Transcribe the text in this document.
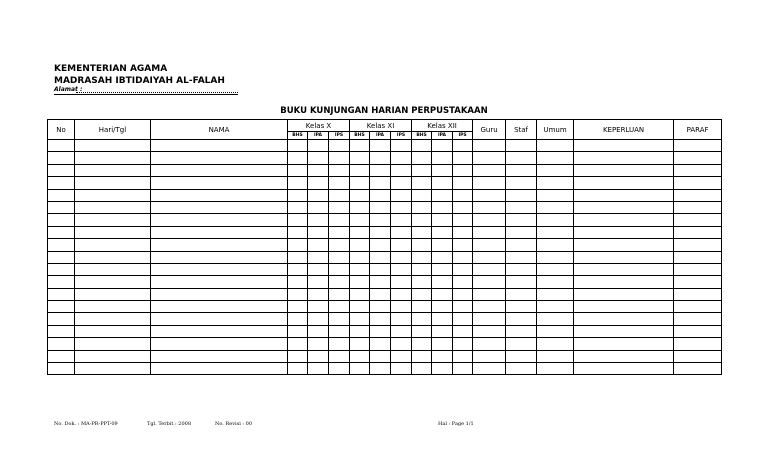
KEMENTERIAN AGAMA
MADRASAH IBTIDAIYAH AL-FALAH
Alamat :
BUKU KUNJUNGAN HARIAN PERPUSTAKAAN
No	Hari/Tgl	NAMA	Kelas X			Kelas XI			Kelas XII			Guru	Staf	Umum	KEPERLUAN	PARAF
			BHS	IPA	IPS	BHS	IPA	IPS	BHS	IPA	IPS					

No. Dok. : MA-PR-PPT-09	Tgl. Terbit : 2008	No. Revisi : 00	Hal : Page 1/1
